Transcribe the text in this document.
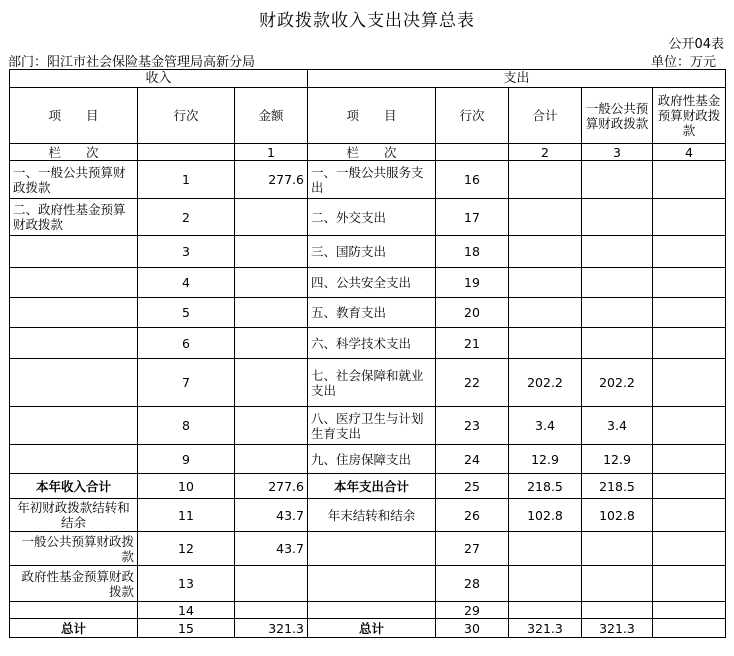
财政拨款收入支出决算总表
公开04表
部门：阳江市社会保险基金管理局高新分局	单位：万元
收入			支出				
项　　目	行次	金额	项　　目	行次	合计	一般公共预算财政拨款	政府性基金预算财政拨款
栏　　次		1	栏　　次		2	3	4
一、一般公共预算财政拨款	1	277.6	一、一般公共服务支出	16			
二、政府性基金预算财政拨款	2		二、外交支出	17			
	3		三、国防支出	18			
	4		四、公共安全支出	19			
	5		五、教育支出	20			
	6		六、科学技术支出	21			
	7		七、社会保障和就业支出	22	202.2	202.2	
	8		八、医疗卫生与计划生育支出	23	3.4	3.4	
	9		九、住房保障支出	24	12.9	12.9	
本年收入合计	10	277.6	本年支出合计	25	218.5	218.5	
年初财政拨款结转和结余	11	43.7	年末结转和结余	26	102.8	102.8	
一般公共预算财政拨款	12	43.7		27			
政府性基金预算财政拨款	13			28			
	14			29			
总计	15	321.3	总计	30	321.3	321.3	
